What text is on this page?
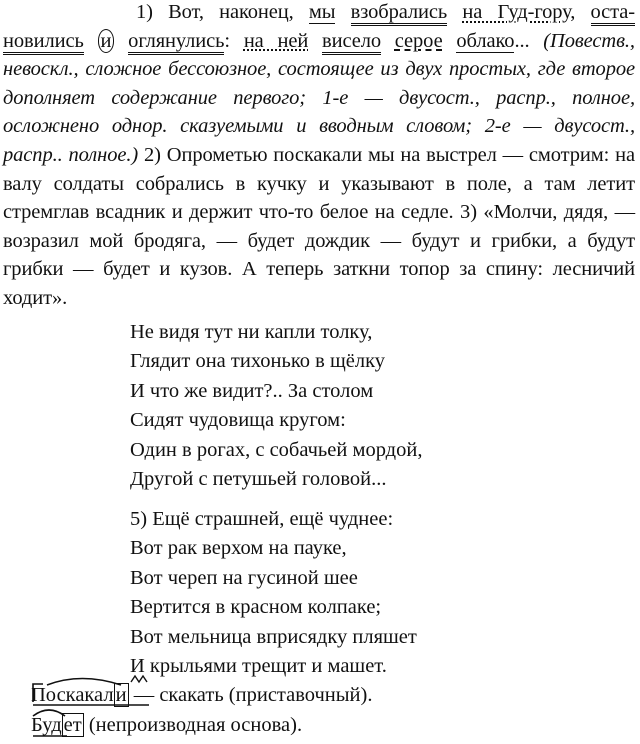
1) Вот, наконец, мы взобрались на Гуд-гору, оста-новились и оглянулись: на ней висело серое облако... (Повеств., невоскл., сложное бессоюзное, состоящее из двух простых, где второе дополняет содержание первого; 1-е — двусост., распр., полное, осложнено однор. сказуемыми и вводным словом; 2-е — двусост., распр.. полное.) 2) Опрометью поскакали мы на выстрел — смотрим: на валу солдаты собрались в кучку и указывают в поле, а там летит стремглав всадник и держит что-то белое на седле. 3) «Молчи, дядя, — возразил мой бродяга, — будет дождик — будут и грибки, а будут грибки — будет и кузов. А теперь заткни топор за спину: лесничий ходит».
Не видя тут ни капли толку,
Глядит она тихонько в щёлку
И что же видит?.. За столом
Сидят чудовища кругом:
Один в рогах, с собачьей мордой,
Другой с петушьей головой...
5) Ещё страшней, ещё чуднее:
Вот рак верхом на пауке,
Вот череп на гусиной шее
Вертится в красном колпаке;
Вот мельница вприсядку пляшет
И крыльями трещит и машет.
Поскакали — скакать (приставочный).
Будет (непроизводная основа).
